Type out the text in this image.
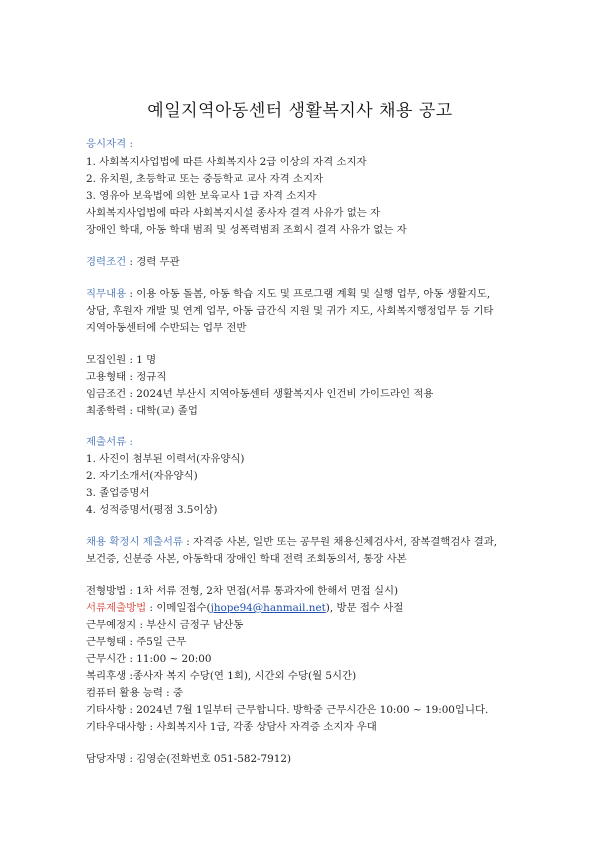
예일지역아동센터 생활복지사 채용 공고
응시자격 :
1. 사회복지사업법에 따른 사회복지사 2급 이상의 자격 소지자
2. 유치원, 초등학교 또는 중등학교 교사 자격 소지자
3. 영유아 보육법에 의한 보육교사 1급 자격 소지자
사회복지사업법에 따라 사회복지시설 종사자 결격 사유가 없는 자
장애인 학대, 아동 학대 범죄 및 성폭력범죄 조회시 결격 사유가 없는 자
경력조건 : 경력 무관
직무내용 : 이용 아동 돌봄, 아동 학습 지도 및 프로그램 계획 및 실행 업무, 아동 생활지도,
상담, 후원자 개발 및 연계 업무, 아동 급간식 지원 및 귀가 지도, 사회복지행정업무 등 기타
지역아동센터에 수반되는 업무 전반
모집인원 : 1 명
고용형태 : 정규직
임금조건 : 2024년 부산시 지역아동센터 생활복지사 인건비 가이드라인 적용
최종학력 : 대학(교) 졸업
제출서류 :
1. 사진이 첨부된 이력서(자유양식)
2. 자기소개서(자유양식)
3. 졸업증명서
4. 성적증명서(평점 3.5이상)
채용 확정시 제출서류 : 자격증 사본, 일반 또는 공무원 채용신체검사서, 잠복결핵검사 결과,
보건증, 신분증 사본, 아동학대 장애인 학대 전력 조회동의서, 통장 사본
전형방법 : 1차 서류 전형, 2차 면접(서류 통과자에 한해서 면접 실시)
서류제출방법 : 이메일접수(jhope94@hanmail.net), 방문 접수 사절
근무예정지 : 부산시 금정구 남산동
근무형태 : 주5일 근무
근무시간 : 11:00 ~ 20:00
복리후생 :종사자 복지 수당(연 1회), 시간외 수당(월 5시간)
컴퓨터 활용 능력 : 중
기타사항 : 2024년 7월 1일부터 근무합니다. 방학중 근무시간은 10:00 ~ 19:00입니다.
기타우대사항 : 사회복지사 1급, 각종 상담사 자격증 소지자 우대
담당자명 : 김영순(전화번호 051-582-7912)
